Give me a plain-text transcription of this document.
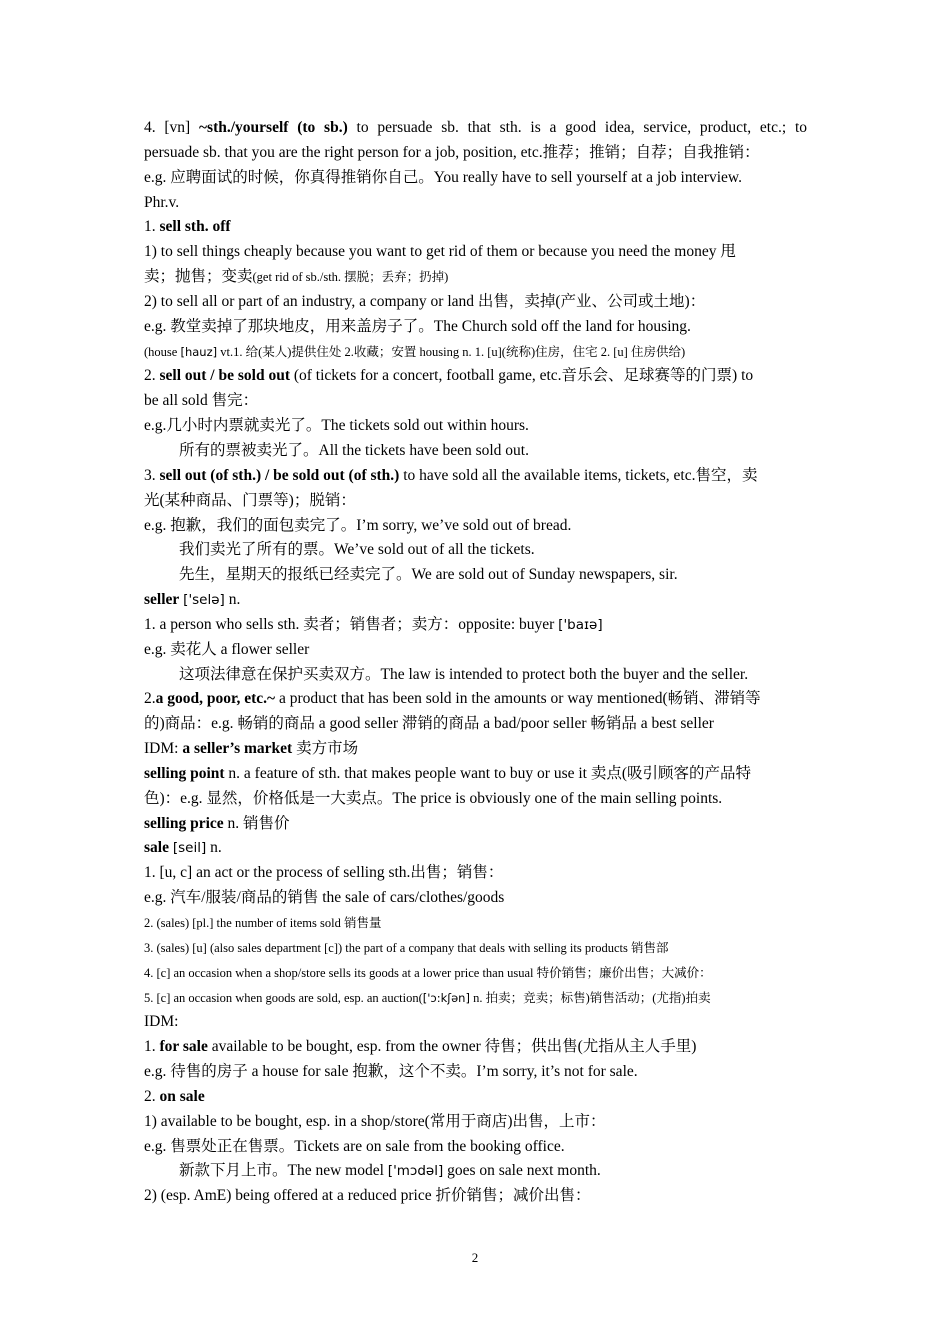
4. [vn] ~sth./yourself (to sb.) to persuade sb. that sth. is a good idea, service, product, etc.; to
persuade sb. that you are the right person for a job, position, etc.推荐；推销；自荐；自我推销：
e.g. 应聘面试的时候，你真得推销你自己。You really have to sell yourself at a job interview.
Phr.v.
1. sell sth. off
1) to sell things cheaply because you want to get rid of them or because you need the money 甩
卖；抛售；变卖(get rid of sb./sth. 摆脱；丢弃；扔掉)
2) to sell all or part of an industry, a company or land 出售，卖掉(产业、公司或土地)：
e.g. 教堂卖掉了那块地皮，用来盖房子了。The Church sold off the land for housing.
(house [hauz] vt.1. 给(某人)提供住处 2.收藏；安置 housing n. 1. [u](统称)住房，住宅 2. [u] 住房供给)
2. sell out / be sold out (of tickets for a concert, football game, etc.音乐会、足球赛等的门票) to
be all sold 售完：
e.g.几小时内票就卖光了。The tickets sold out within hours.
所有的票被卖光了。All the tickets have been sold out.
3. sell out (of sth.) / be sold out (of sth.) to have sold all the available items, tickets, etc.售空，卖
光(某种商品、门票等)；脱销：
e.g. 抱歉，我们的面包卖完了。I’m sorry, we’ve sold out of bread.
我们卖光了所有的票。We’ve sold out of all the tickets.
先生，星期天的报纸已经卖完了。We are sold out of Sunday newspapers, sir.
seller ['selə] n.
1. a person who sells sth. 卖者；销售者；卖方：opposite: buyer ['baɪə]
e.g. 卖花人 a flower seller
这项法律意在保护买卖双方。The law is intended to protect both the buyer and the seller.
2.a good, poor, etc.~ a product that has been sold in the amounts or way mentioned(畅销、滞销等
的)商品：e.g. 畅销的商品 a good seller 滞销的商品 a bad/poor seller 畅销品 a best seller
IDM: a seller’s market 卖方市场
selling point n. a feature of sth. that makes people want to buy or use it 卖点(吸引顾客的产品特
色)：e.g. 显然，价格低是一大卖点。The price is obviously one of the main selling points.
selling price n. 销售价
sale [seil] n.
1. [u, c] an act or the process of selling sth.出售；销售：
e.g. 汽车/服装/商品的销售 the sale of cars/clothes/goods
2. (sales) [pl.] the number of items sold 销售量
3. (sales) [u] (also sales department [c]) the part of a company that deals with selling its products 销售部
4. [c] an occasion when a shop/store sells its goods at a lower price than usual 特价销售；廉价出售；大减价：
5. [c] an occasion when goods are sold, esp. an auction(['ɔ:kʃən] n. 拍卖；竞卖；标售)销售活动；(尤指)拍卖
IDM:
1. for sale available to be bought, esp. from the owner 待售；供出售(尤指从主人手里)
e.g. 待售的房子 a house for sale 抱歉，这个不卖。I’m sorry, it’s not for sale.
2. on sale
1) available to be bought, esp. in a shop/store(常用于商店)出售，上市：
e.g. 售票处正在售票。Tickets are on sale from the booking office.
新款下月上市。The new model ['mɔdəl] goes on sale next month.
2) (esp. AmE) being offered at a reduced price 折价销售；减价出售：
2
